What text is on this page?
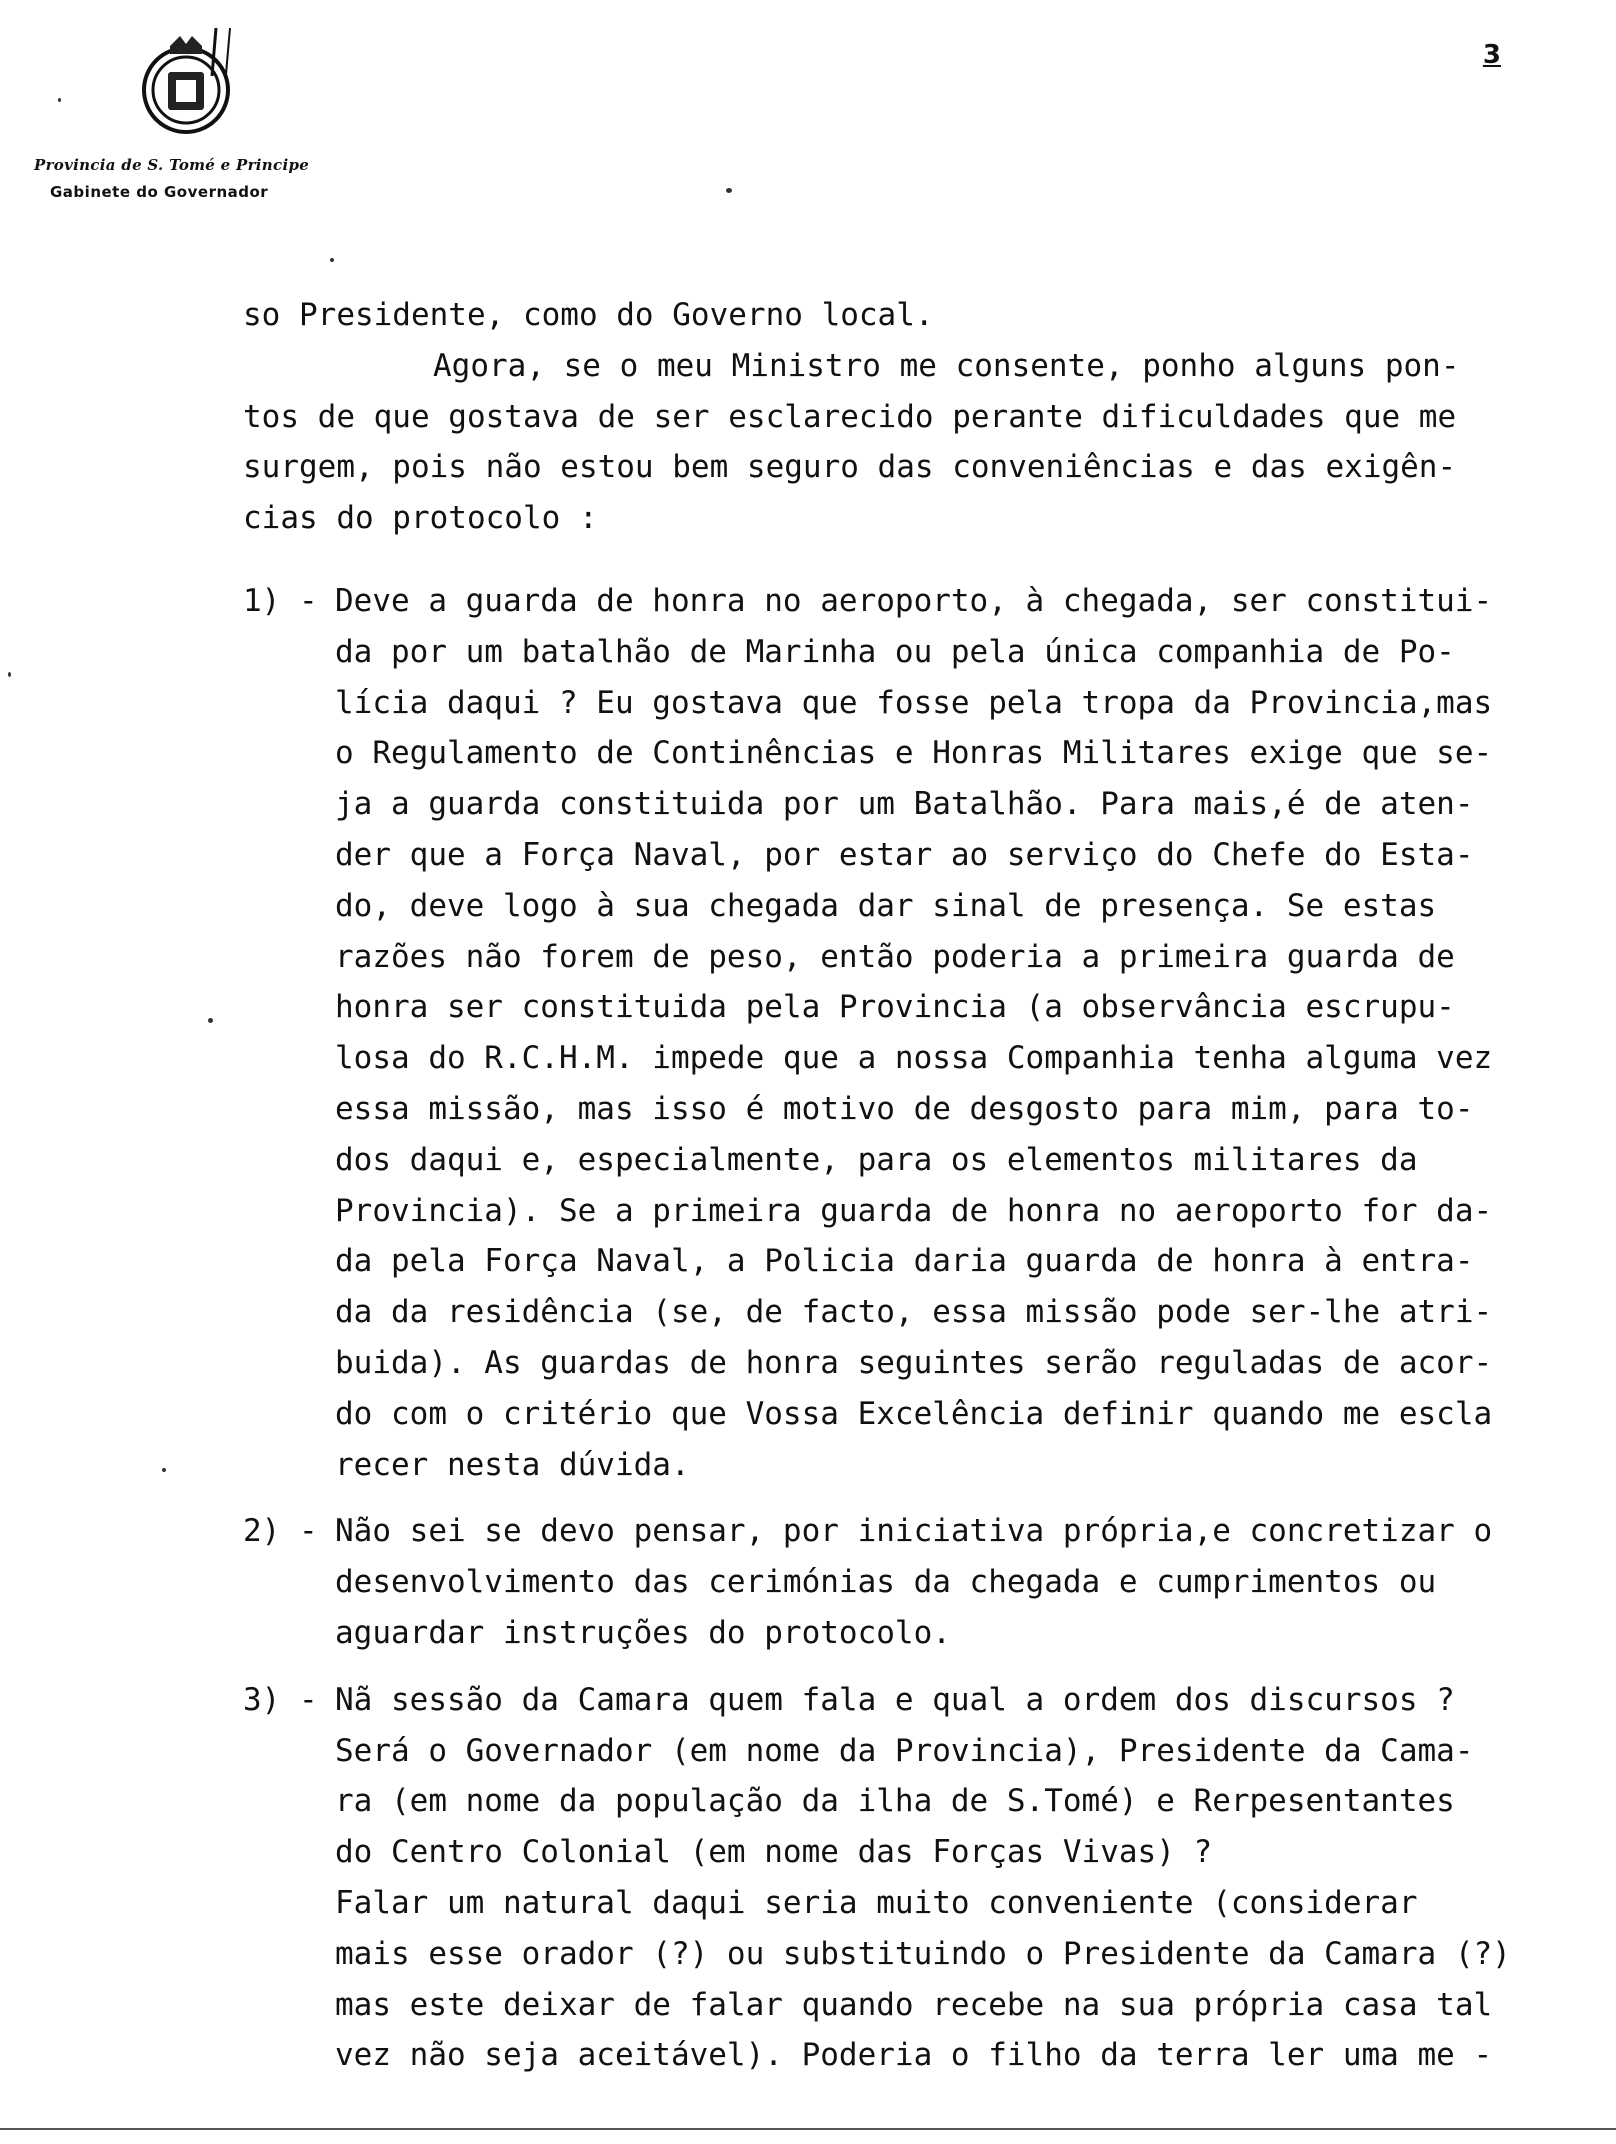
Provincia de S. Tomé e Principe
Gabinete do Governador
3
so Presidente, como do Governo local.
Agora, se o meu Ministro me consente, ponho alguns pon-
tos de que gostava de ser esclarecido perante dificuldades que me
surgem, pois não estou bem seguro das conveniências e das exigên-
cias do protocolo :
1) - Deve a guarda de honra no aeroporto, à chegada, ser constitui-
da por um batalhão de Marinha ou pela única companhia de Po-
lícia daqui ? Eu gostava que fosse pela tropa da Provincia,mas
o Regulamento de Continências e Honras Militares exige que se-
ja a guarda constituida por um Batalhão. Para mais,é de aten-
der que a Força Naval, por estar ao serviço do Chefe do Esta-
do, deve logo à sua chegada dar sinal de presença. Se estas
razões não forem de peso, então poderia a primeira guarda de
honra ser constituida pela Provincia (a observância escrupu-
losa do R.C.H.M. impede que a nossa Companhia tenha alguma vez
essa missão, mas isso é motivo de desgosto para mim, para to-
dos daqui e, especialmente, para os elementos militares da
Provincia). Se a primeira guarda de honra no aeroporto for da-
da pela Força Naval, a Policia daria guarda de honra à entra-
da da residência (se, de facto, essa missão pode ser-lhe atri-
buida). As guardas de honra seguintes serão reguladas de acor-
do com o critério que Vossa Excelência definir quando me escla
recer nesta dúvida.
2) - Não sei se devo pensar, por iniciativa própria,e concretizar o
desenvolvimento das cerimónias da chegada e cumprimentos ou
aguardar instruções do protocolo.
3) - Nã sessão da Camara quem fala e qual a ordem dos discursos ?
Será o Governador (em nome da Provincia), Presidente da Cama-
ra (em nome da população da ilha de S.Tomé) e Rerpesentantes
do Centro Colonial (em nome das Forças Vivas) ?
Falar um natural daqui seria muito conveniente (considerar
mais esse orador (?) ou substituindo o Presidente da Camara (?)
mas este deixar de falar quando recebe na sua própria casa tal
vez não seja aceitável). Poderia o filho da terra ler uma me -
